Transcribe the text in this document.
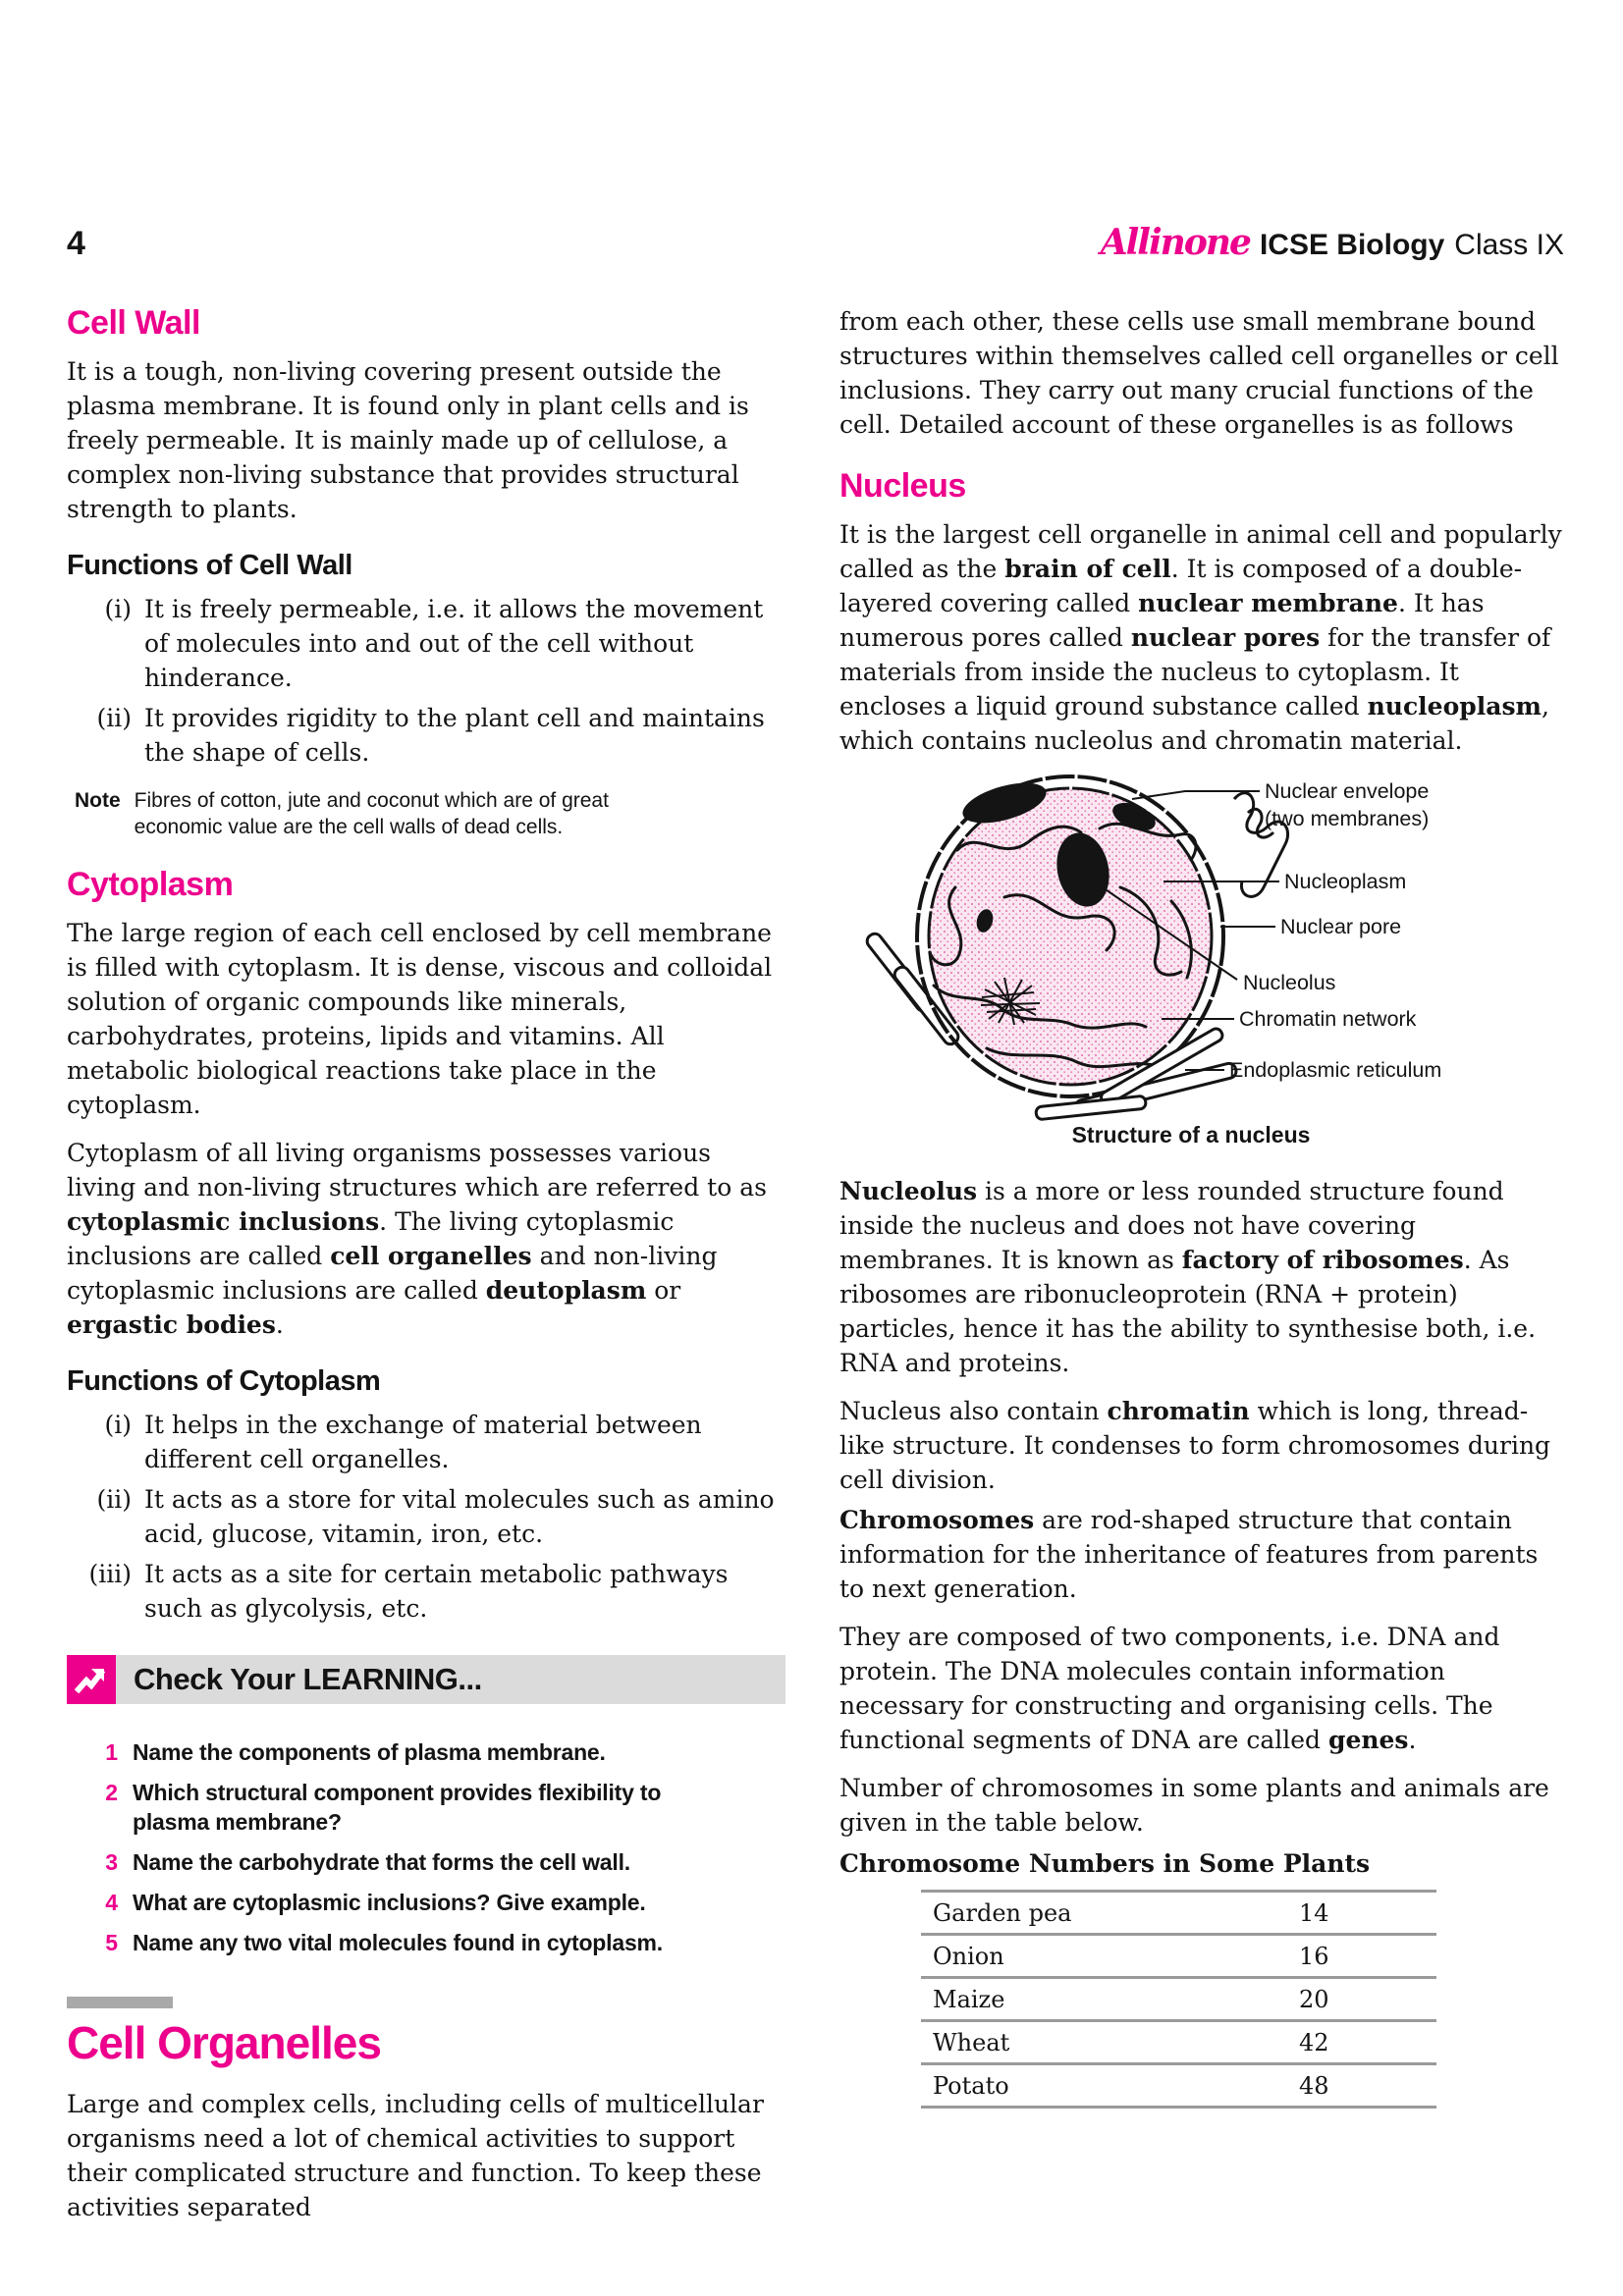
4	Allinone ICSE Biology Class IX
Cell Wall

It is a tough, non-living covering present outside the plasma membrane. It is found only in plant cells and is freely permeable. It is mainly made up of cellulose, a complex non-living substance that provides structural strength to plants.

Functions of Cell Wall
(i) It is freely permeable, i.e. it allows the movement of molecules into and out of the cell without hinderance.
(ii) It provides rigidity to the plant cell and maintains the shape of cells.
Note Fibres of cotton, jute and coconut which are of great economic value are the cell walls of dead cells.
Cytoplasm

The large region of each cell enclosed by cell membrane is filled with cytoplasm. It is dense, viscous and colloidal solution of organic compounds like minerals, carbohydrates, proteins, lipids and vitamins. All metabolic biological reactions take place in the cytoplasm.

Cytoplasm of all living organisms possesses various living and non-living structures which are referred to as cytoplasmic inclusions. The living cytoplasmic inclusions are called cell organelles and non-living cytoplasmic inclusions are called deutoplasm or ergastic bodies.

Functions of Cytoplasm
(i) It helps in the exchange of material between different cell organelles.
(ii) It acts as a store for vital molecules such as amino acid, glucose, vitamin, iron, etc.
(iii) It acts as a site for certain metabolic pathways such as glycolysis, etc.
Check Your LEARNING...
1 Name the components of plasma membrane.
2 Which structural component provides flexibility to plasma membrane?
3 Name the carbohydrate that forms the cell wall.
4 What are cytoplasmic inclusions? Give example.
5 Name any two vital molecules found in cytoplasm.
Cell Organelles

Large and complex cells, including cells of multicellular organisms need a lot of chemical activities to support their complicated structure and function. To keep these activities separated

from each other, these cells use small membrane bound structures within themselves called cell organelles or cell inclusions. They carry out many crucial functions of the cell. Detailed account of these organelles is as follows

Nucleus

It is the largest cell organelle in animal cell and popularly called as the brain of cell. It is composed of a double-layered covering called nuclear membrane. It has numerous pores called nuclear pores for the transfer of materials from inside the nucleus to cytoplasm. It encloses a liquid ground substance called nucleoplasm, which contains nucleolus and chromatin material.

Nuclear envelope
(two membranes)
Nucleoplasm
Nuclear pore
Nucleolus
Chromatin network
Endoplasmic reticulum
Structure of a nucleus

Nucleolus is a more or less rounded structure found inside the nucleus and does not have covering membranes. It is known as factory of ribosomes. As ribosomes are ribonucleoprotein (RNA + protein) particles, hence it has the ability to synthesise both, i.e. RNA and proteins.

Nucleus also contain chromatin which is long, thread-like structure. It condenses to form chromosomes during cell division.

Chromosomes are rod-shaped structure that contain information for the inheritance of features from parents to next generation.

They are composed of two components, i.e. DNA and protein. The DNA molecules contain information necessary for constructing and organising cells. The functional segments of DNA are called genes.

Number of chromosomes in some plants and animals are given in the table below.

Chromosome Numbers in Some Plants
Garden pea	14
Onion	16
Maize	20
Wheat	42
Potato	48
